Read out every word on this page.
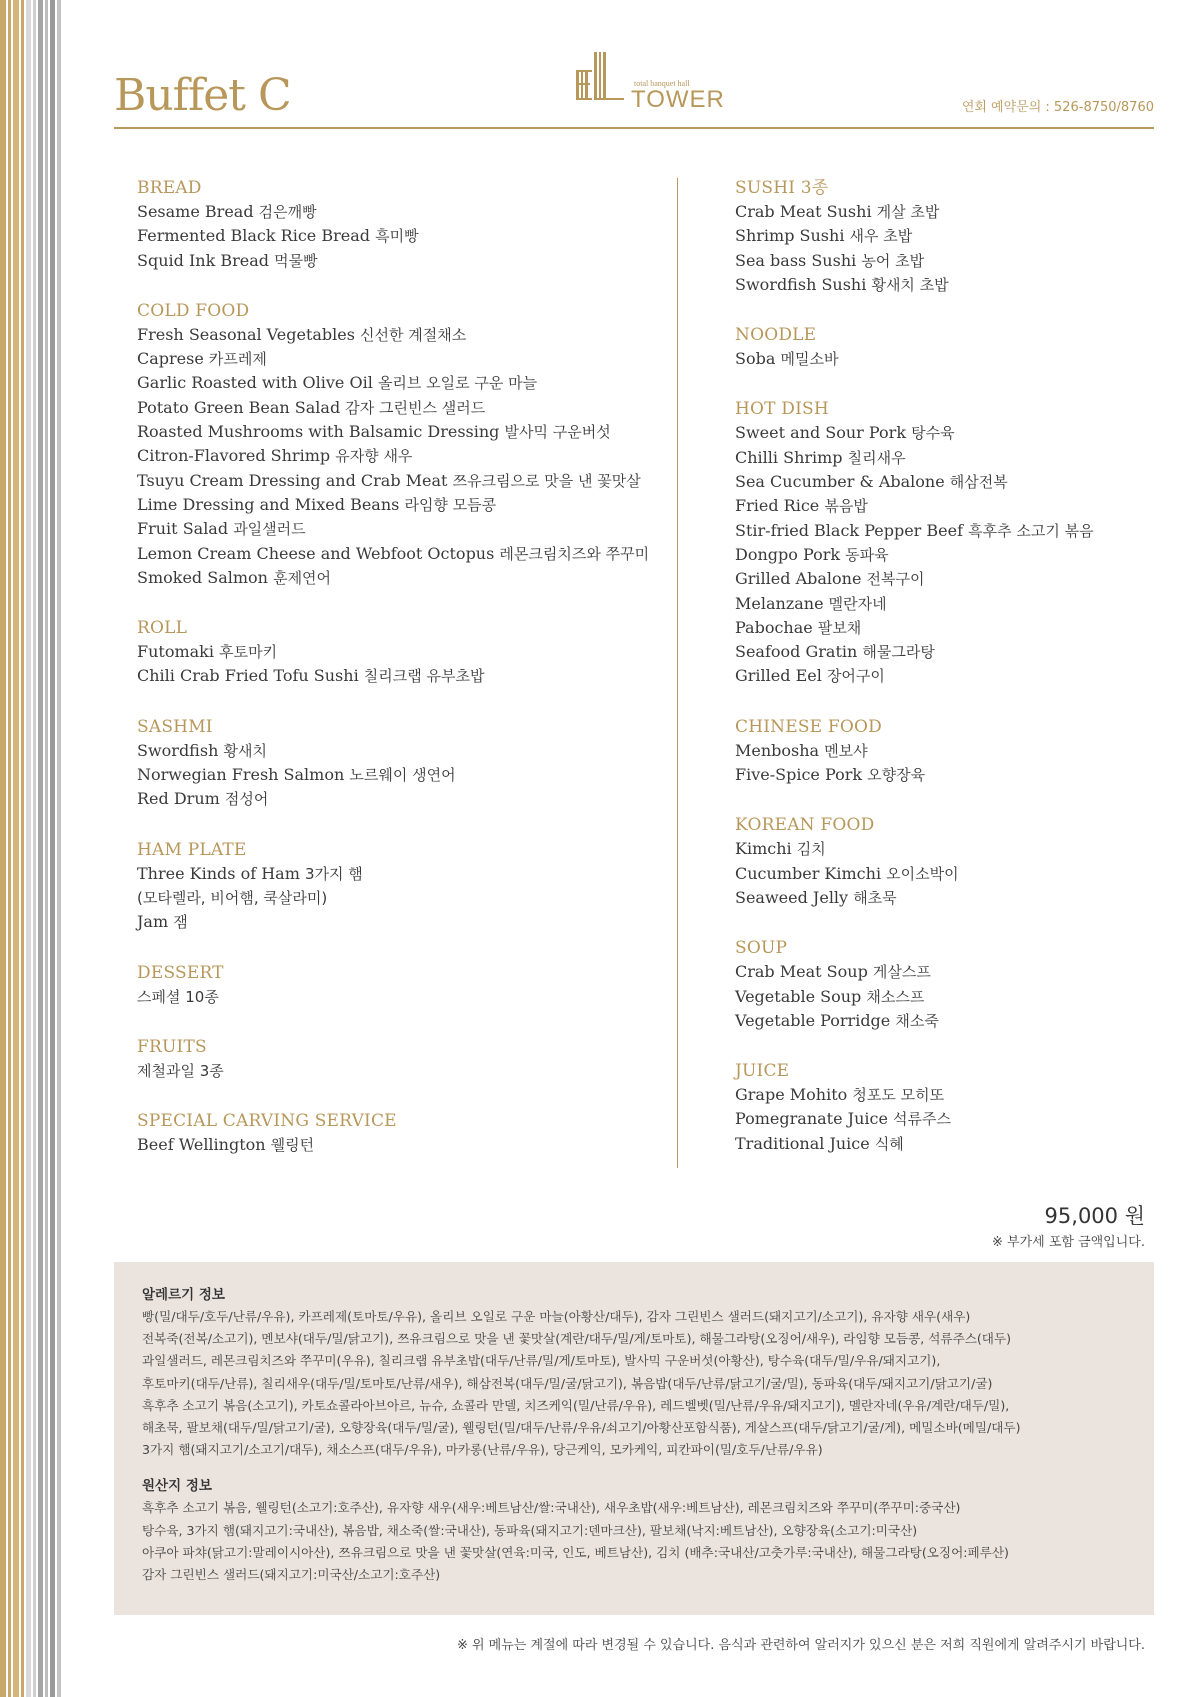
Buffet C	total banquet hall
TOWER	연회 예약문의 : 526-8750/8760
BREAD
Sesame Bread 검은깨빵
Fermented Black Rice Bread 흑미빵
Squid Ink Bread 먹물빵
COLD FOOD
Fresh Seasonal Vegetables 신선한 계절채소
Caprese 카프레제
Garlic Roasted with Olive Oil 올리브 오일로 구운 마늘
Potato Green Bean Salad 감자 그린빈스 샐러드
Roasted Mushrooms with Balsamic Dressing 발사믹 구운버섯
Citron-Flavored Shrimp 유자향 새우
Tsuyu Cream Dressing and Crab Meat 쯔유크림으로 맛을 낸 꽃맛살
Lime Dressing and Mixed Beans 라임향 모듬콩
Fruit Salad 과일샐러드
Lemon Cream Cheese and Webfoot Octopus 레몬크림치즈와 쭈꾸미
Smoked Salmon 훈제연어
ROLL
Futomaki 후토마키
Chili Crab Fried Tofu Sushi 칠리크랩 유부초밥
SASHMI
Swordfish 황새치
Norwegian Fresh Salmon 노르웨이 생연어
Red Drum 점성어
HAM PLATE
Three Kinds of Ham 3가지 햄
(모타렐라, 비어햄, 쿡살라미)
Jam 잼
DESSERT
스페셜 10종
FRUITS
제철과일 3종
SPECIAL CARVING SERVICE
Beef Wellington 웰링턴
SUSHI 3종
Crab Meat Sushi 게살 초밥
Shrimp Sushi 새우 초밥
Sea bass Sushi 농어 초밥
Swordfish Sushi 황새치 초밥
NOODLE
Soba 메밀소바
HOT DISH
Sweet and Sour Pork 탕수육
Chilli Shrimp 칠리새우
Sea Cucumber & Abalone 해삼전복
Fried Rice 볶음밥
Stir-fried Black Pepper Beef 흑후추 소고기 볶음
Dongpo Pork 동파육
Grilled Abalone 전복구이
Melanzane 멜란자네
Pabochae 팔보채
Seafood Gratin 해물그라탕
Grilled Eel 장어구이
CHINESE FOOD
Menbosha 멘보샤
Five-Spice Pork 오향장육
KOREAN FOOD
Kimchi 김치
Cucumber Kimchi 오이소박이
Seaweed Jelly 해초묵
SOUP
Crab Meat Soup 게살스프
Vegetable Soup 채소스프
Vegetable Porridge 채소죽
JUICE
Grape Mohito 청포도 모히또
Pomegranate Juice 석류주스
Traditional Juice 식혜
95,000 원
※ 부가세 포함 금액입니다.
알레르기 정보
빵(밀/대두/호두/난류/우유), 카프레제(토마토/우유), 올리브 오일로 구운 마늘(아황산/대두), 감자 그린빈스 샐러드(돼지고기/소고기), 유자향 새우(새우)
전복죽(전복/소고기), 멘보샤(대두/밀/닭고기), 쯔유크림으로 맛을 낸 꽃맛살(계란/대두/밀/게/토마토), 해물그라탕(오징어/새우), 라임향 모듬콩, 석류주스(대두)
과일샐러드, 레몬크림치즈와 쭈꾸미(우유), 칠리크랩 유부초밥(대두/난류/밀/게/토마토), 발사믹 구운버섯(아황산), 탕수육(대두/밀/우유/돼지고기),
후토마키(대두/난류), 칠리새우(대두/밀/토마토/난류/새우), 해삼전복(대두/밀/굴/닭고기), 볶음밥(대두/난류/닭고기/굴/밀), 동파육(대두/돼지고기/닭고기/굴)
흑후추 소고기 볶음(소고기), 카토쇼콜라아브아르, 뉴슈, 쇼콜라 만델, 치즈케익(밀/난류/우유), 레드벨벳(밀/난류/우유/돼지고기), 멜란자네(우유/계란/대두/밀),
해초묵, 팔보채(대두/밀/닭고기/굴), 오향장육(대두/밀/굴), 웰링턴(밀/대두/난류/우유/쇠고기/아황산포함식품), 게살스프(대두/닭고기/굴/게), 메밀소바(메밀/대두)
3가지 햄(돼지고기/소고기/대두), 채소스프(대두/우유), 마카롱(난류/우유), 당근케익, 모카케익, 피칸파이(밀/호두/난류/우유)
원산지 정보
흑후추 소고기 볶음, 웰링턴(소고기:호주산), 유자향 새우(새우:베트남산/쌀:국내산), 새우초밥(새우:베트남산), 레몬크림치즈와 쭈꾸미(쭈꾸미:중국산)
탕수육, 3가지 햄(돼지고기:국내산), 볶음밥, 채소죽(쌀:국내산), 동파육(돼지고기:덴마크산), 팔보채(낙지:베트남산), 오향장육(소고기:미국산)
아쿠아 파챠(닭고기:말레이시아산), 쯔유크림으로 맛을 낸 꽃맛살(연육:미국, 인도, 베트남산), 김치 (배추:국내산/고춧가루:국내산), 해물그라탕(오징어:페루산)
감자 그린빈스 샐러드(돼지고기:미국산/소고기:호주산)
※ 위 메뉴는 계절에 따라 변경될 수 있습니다. 음식과 관련하여 알러지가 있으신 분은 저희 직원에게 알려주시기 바랍니다.
